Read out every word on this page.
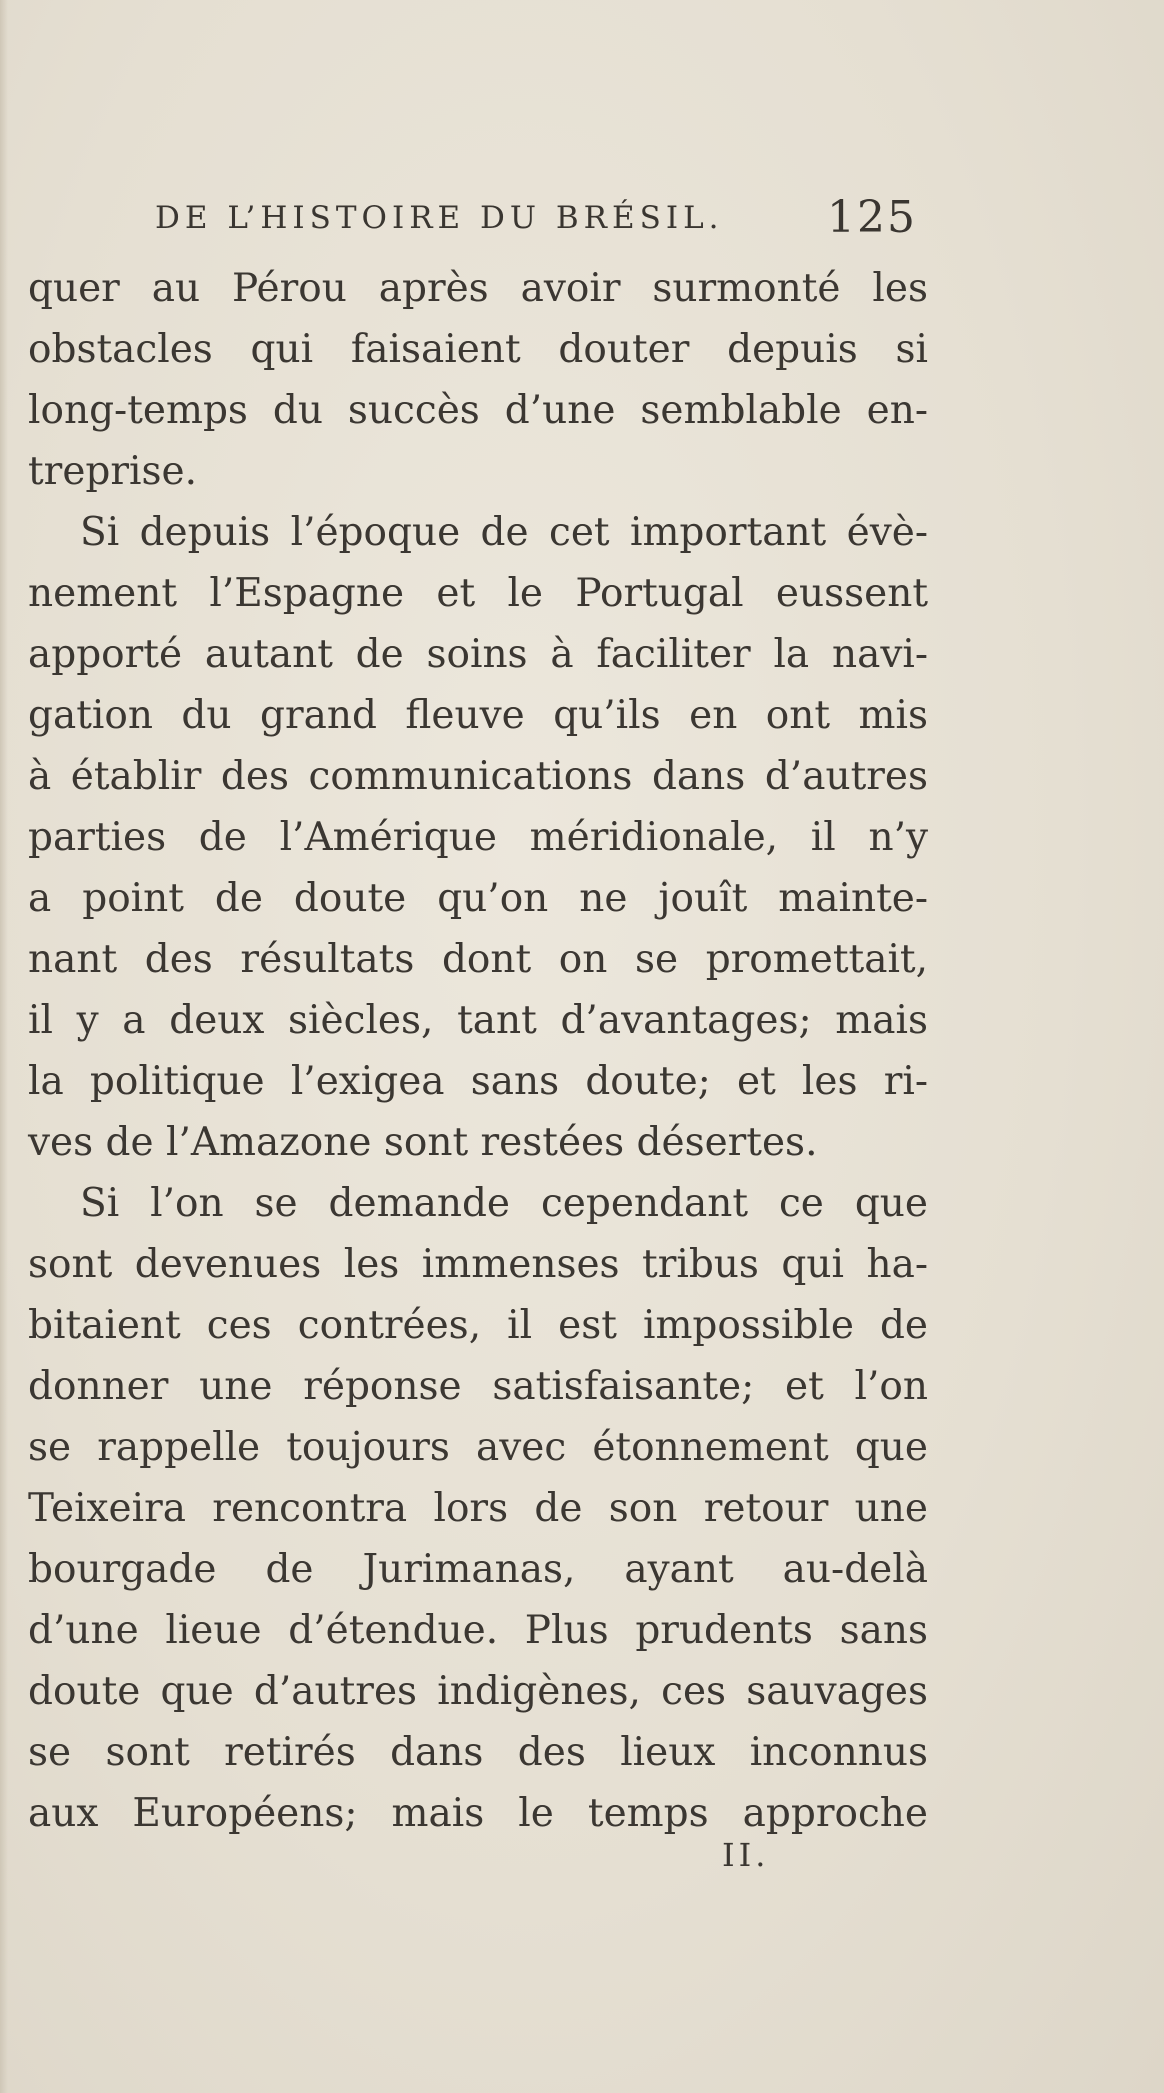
DE L’HISTOIRE DU BRÉSIL. 125
quer au Pérou après avoir surmonté les
obstacles qui faisaient douter depuis si
long-temps du succès d’une semblable en-
treprise.
Si depuis l’époque de cet important évè-
nement l’Espagne et le Portugal eussent
apporté autant de soins à faciliter la navi-
gation du grand fleuve qu’ils en ont mis
à établir des communications dans d’autres
parties de l’Amérique méridionale, il n’y
a point de doute qu’on ne jouît mainte-
nant des résultats dont on se promettait,
il y a deux siècles, tant d’avantages; mais
la politique l’exigea sans doute; et les ri-
ves de l’Amazone sont restées désertes.
Si l’on se demande cependant ce que
sont devenues les immenses tribus qui ha-
bitaient ces contrées, il est impossible de
donner une réponse satisfaisante; et l’on
se rappelle toujours avec étonnement que
Teixeira rencontra lors de son retour une
bourgade de Jurimanas, ayant au-delà
d’une lieue d’étendue. Plus prudents sans
doute que d’autres indigènes, ces sauvages
se sont retirés dans des lieux inconnus
aux Européens; mais le temps approche
II.
